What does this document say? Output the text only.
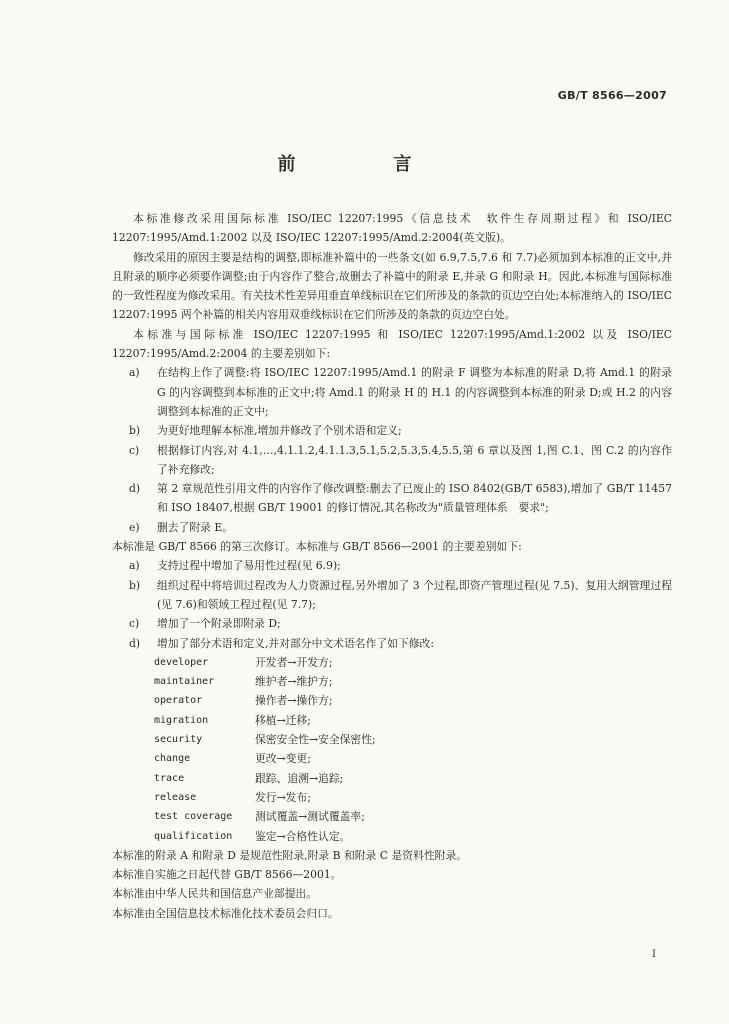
GB/T 8566—2007
前　言
本标准修改采用国际标准 ISO/IEC 12207:1995《信息技术　软件生存周期过程》和 ISO/IEC 12207:1995/Amd.1:2002 以及 ISO/IEC 12207:1995/Amd.2:2004(英文版)。
修改采用的原因主要是结构的调整,即标准补篇中的一些条文(如 6.9,7.5,7.6 和 7.7)必须加到本标准的正文中,并且附录的顺序必须要作调整;由于内容作了整合,故删去了补篇中的附录 E,并录 G 和附录 H。因此,本标准与国际标准的一致性程度为修改采用。有关技术性差异用垂直单线标识在它们所涉及的条款的页边空白处;本标准纳入的 ISO/IEC 12207:1995 两个补篇的相关内容用双垂线标识在它们所涉及的条款的页边空白处。
本标准与国际标准 ISO/IEC 12207:1995 和 ISO/IEC 12207:1995/Amd.1:2002 以及 ISO/IEC 12207:1995/Amd.2:2004 的主要差别如下:
a)	在结构上作了调整:将 ISO/IEC 12207:1995/Amd.1 的附录 F 调整为本标准的附录 D,将 Amd.1 的附录 G 的内容调整到本标准的正文中;将 Amd.1 的附录 H 的 H.1 的内容调整到本标准的附录 D;或 H.2 的内容调整到本标准的正文中;
b)	为更好地理解本标准,增加并修改了个别术语和定义;
c)	根据修订内容,对 4.1,…,4.1.1.2,4.1.1.3,5.1,5.2,5.3,5.4,5.5,第 6 章以及图 1,图 C.1、图 C.2 的内容作了补充修改;
d)	第 2 章规范性引用文件的内容作了修改调整:删去了已废止的 ISO 8402(GB/T 6583),增加了 GB/T 11457 和 ISO 18407,根据 GB/T 19001 的修订情况,其名称改为"质量管理体系　要求";
e)	删去了附录 E。
本标准是 GB/T 8566 的第三次修订。本标准与 GB/T 8566—2001 的主要差别如下:
a)	支持过程中增加了易用性过程(见 6.9);
b)	组织过程中将培训过程改为人力资源过程,另外增加了 3 个过程,即资产管理过程(见 7.5)、复用大纲管理过程(见 7.6)和领域工程过程(见 7.7);
c)	增加了一个附录即附录 D;
d)	增加了部分术语和定义,并对部分中文术语名作了如下修改:
developer	开发者→开发方;
maintainer	维护者→维护方;
operator	操作者→操作方;
migration	移植→迁移;
security	保密安全性→安全保密性;
change	更改→变更;
trace	跟踪、追溯→追踪;
release	发行→发布;
test coverage	测试覆盖→测试覆盖率;
qualification	鉴定→合格性认定。
本标准的附录 A 和附录 D 是规范性附录,附录 B 和附录 C 是资料性附录。
本标准自实施之日起代替 GB/T 8566—2001。
本标准由中华人民共和国信息产业部提出。
本标准由全国信息技术标准化技术委员会归口。
I
